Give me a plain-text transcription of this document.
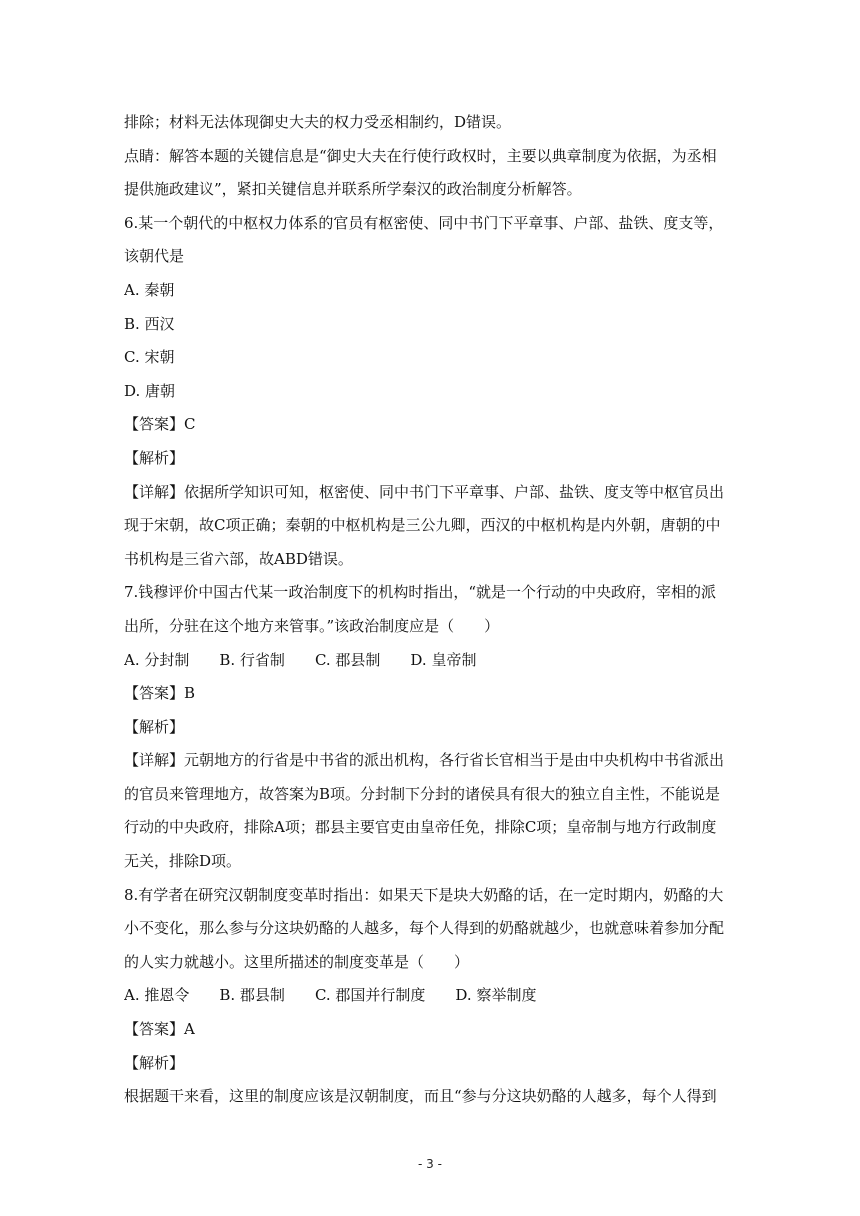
排除；材料无法体现御史大夫的权力受丞相制约，D错误。
点睛：解答本题的关键信息是“御史大夫在行使行政权时，主要以典章制度为依据，为丞相
提供施政建议”，紧扣关键信息并联系所学秦汉的政治制度分析解答。
6.某一个朝代的中枢权力体系的官员有枢密使、同中书门下平章事、户部、盐铁、度支等，
该朝代是
A. 秦朝
B. 西汉
C. 宋朝
D. 唐朝
【答案】C
【解析】
【详解】依据所学知识可知，枢密使、同中书门下平章事、户部、盐铁、度支等中枢官员出
现于宋朝，故C项正确；秦朝的中枢机构是三公九卿，西汉的中枢机构是内外朝，唐朝的中
书机构是三省六部，故ABD错误。
7.钱穆评价中国古代某一政治制度下的机构时指出，“就是一个行动的中央政府，宰相的派
出所，分驻在这个地方来管事。”该政治制度应是（　　）
A. 分封制 B. 行省制 C. 郡县制 D. 皇帝制
【答案】B
【解析】
【详解】元朝地方的行省是中书省的派出机构，各行省长官相当于是由中央机构中书省派出
的官员来管理地方，故答案为B项。分封制下分封的诸侯具有很大的独立自主性，不能说是
行动的中央政府，排除A项；郡县主要官吏由皇帝任免，排除C项；皇帝制与地方行政制度
无关，排除D项。
8.有学者在研究汉朝制度变革时指出：如果天下是块大奶酪的话，在一定时期内，奶酪的大
小不变化，那么参与分这块奶酪的人越多，每个人得到的奶酪就越少，也就意味着参加分配
的人实力就越小。这里所描述的制度变革是（　　）
A. 推恩令 B. 郡县制 C. 郡国并行制度 D. 察举制度
【答案】A
【解析】
根据题干来看，这里的制度应该是汉朝制度，而且“参与分这块奶酪的人越多，每个人得到
- 3 -
